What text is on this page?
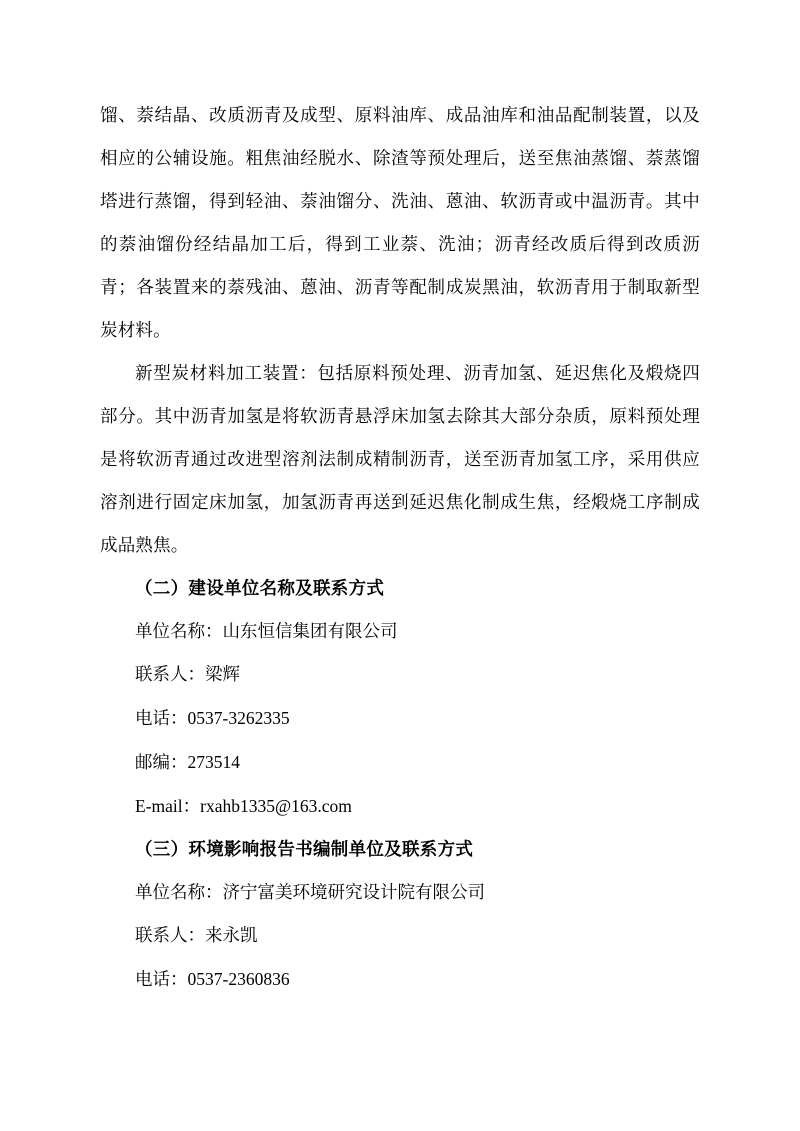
馏、萘结晶、改质沥青及成型、原料油库、成品油库和油品配制装置，以及相应的公辅设施。粗焦油经脱水、除渣等预处理后，送至焦油蒸馏、萘蒸馏塔进行蒸馏，得到轻油、萘油馏分、洗油、蒽油、软沥青或中温沥青。其中的萘油馏份经结晶加工后，得到工业萘、洗油；沥青经改质后得到改质沥青；各装置来的萘残油、蒽油、沥青等配制成炭黑油，软沥青用于制取新型炭材料。

新型炭材料加工装置：包括原料预处理、沥青加氢、延迟焦化及煅烧四部分。其中沥青加氢是将软沥青悬浮床加氢去除其大部分杂质，原料预处理是将软沥青通过改进型溶剂法制成精制沥青，送至沥青加氢工序，采用供应溶剂进行固定床加氢，加氢沥青再送到延迟焦化制成生焦，经煅烧工序制成成品熟焦。

（二）建设单位名称及联系方式

单位名称：山东恒信集团有限公司

联系人：梁辉

电话：0537-3262335

邮编：273514

E-mail：rxahb1335@163.com

（三）环境影响报告书编制单位及联系方式

单位名称：济宁富美环境研究设计院有限公司

联系人：来永凯

电话：0537-2360836
